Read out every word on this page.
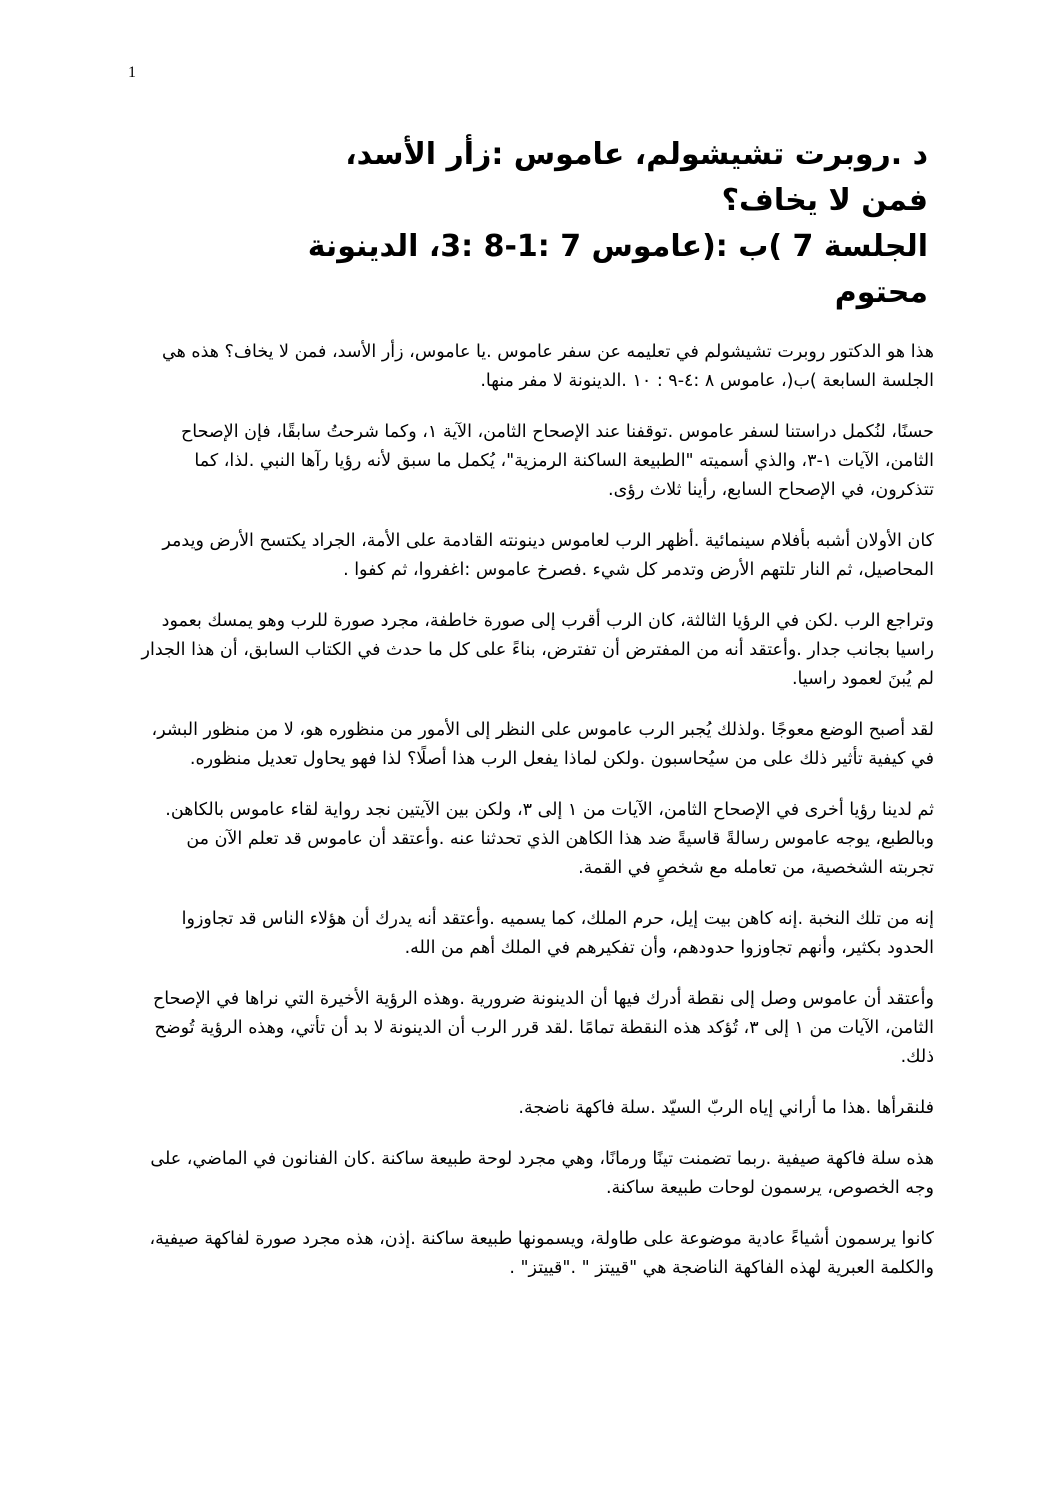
1
د .روبرت تشيشولم، عاموس :زأر الأسد،
فمن لا يخاف؟
الجلسة 7 )ب :(عاموس 7 :1-8 :3، الدينونة
محتوم

هذا هو الدكتور روبرت تشيشولم في تعليمه عن سفر عاموس .يا عاموس، زأر الأسد، فمن لا يخاف؟ هذه هي الجلسة السابعة )ب(، عاموس ٨ :٤-٩ : ١٠ .الدينونة لا مفر منها.

حسنًا، لنُكمل دراستنا لسفر عاموس .توقفنا عند الإصحاح الثامن، الآية ١، وكما شرحتُ سابقًا، فإن الإصحاح الثامن، الآيات ١-٣، والذي أسميته "الطبيعة الساكنة الرمزية"، يُكمل ما سبق لأنه رؤيا رآها النبي .لذا، كما تتذكرون، في الإصحاح السابع، رأينا ثلاث رؤى.

كان الأولان أشبه بأفلام سينمائية .أظهر الرب لعاموس دينونته القادمة على الأمة، الجراد يكتسح الأرض ويدمر المحاصيل، ثم النار تلتهم الأرض وتدمر كل شيء .فصرخ عاموس :اغفروا، ثم كفوا .

وتراجع الرب .لكن في الرؤيا الثالثة، كان الرب أقرب إلى صورة خاطفة، مجرد صورة للرب وهو يمسك بعمود راسيا بجانب جدار .وأعتقد أنه من المفترض أن تفترض، بناءً على كل ما حدث في الكتاب السابق، أن هذا الجدار لم يُبنَ لعمود راسيا.

لقد أصبح الوضع معوجًا .ولذلك يُجبر الرب عاموس على النظر إلى الأمور من منظوره هو، لا من منظور البشر، في كيفية تأثير ذلك على من سيُحاسبون .ولكن لماذا يفعل الرب هذا أصلًا؟ لذا فهو يحاول تعديل منظوره.

ثم لدينا رؤيا أخرى في الإصحاح الثامن، الآيات من ١ إلى ٣، ولكن بين الآيتين نجد رواية لقاء عاموس بالكاهن. وبالطبع، يوجه عاموس رسالةً قاسيةً ضد هذا الكاهن الذي تحدثنا عنه .وأعتقد أن عاموس قد تعلم الآن من تجربته الشخصية، من تعامله مع شخصٍ في القمة.

إنه من تلك النخبة .إنه كاهن بيت إيل، حرم الملك، كما يسميه .وأعتقد أنه يدرك أن هؤلاء الناس قد تجاوزوا الحدود بكثير، وأنهم تجاوزوا حدودهم، وأن تفكيرهم في الملك أهم من الله.

وأعتقد أن عاموس وصل إلى نقطة أدرك فيها أن الدينونة ضرورية .وهذه الرؤية الأخيرة التي نراها في الإصحاح الثامن، الآيات من ١ إلى ٣، تُؤكد هذه النقطة تمامًا .لقد قرر الرب أن الدينونة لا بد أن تأتي، وهذه الرؤية تُوضح ذلك.

فلنقرأها .هذا ما أراني إياه الربّ السيّد .سلة فاكهة ناضجة.

هذه سلة فاكهة صيفية .ربما تضمنت تينًا ورمانًا، وهي مجرد لوحة طبيعة ساكنة .كان الفنانون في الماضي، على وجه الخصوص، يرسمون لوحات طبيعة ساكنة.

كانوا يرسمون أشياءً عادية موضوعة على طاولة، ويسمونها طبيعة ساكنة .إذن، هذه مجرد صورة لفاكهة صيفية، والكلمة العبرية لهذه الفاكهة الناضجة هي "قييتز " ."قييتز" .
